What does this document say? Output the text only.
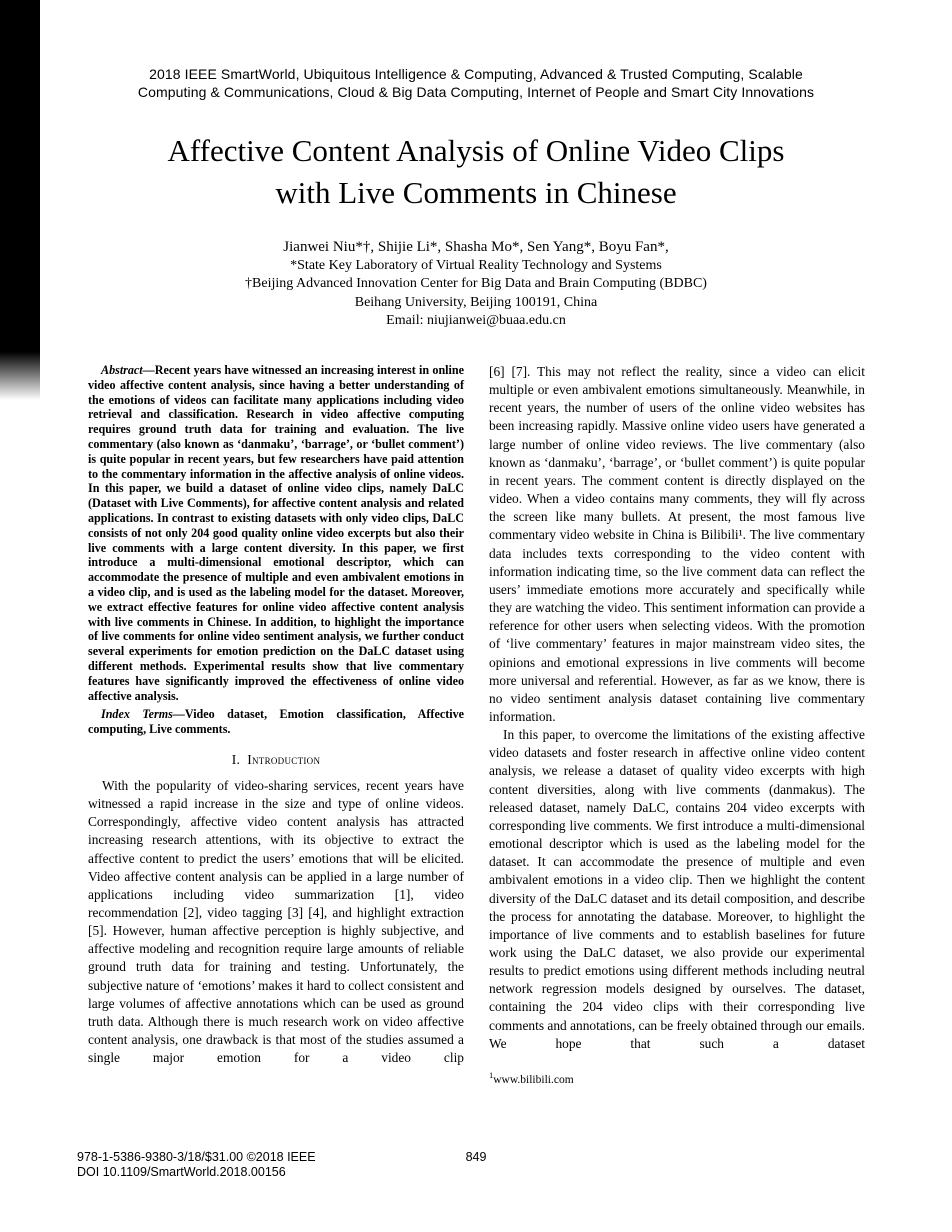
2018 IEEE SmartWorld, Ubiquitous Intelligence & Computing, Advanced & Trusted Computing, Scalable
Computing & Communications, Cloud & Big Data Computing, Internet of People and Smart City Innovations
Affective Content Analysis of Online Video Clips
with Live Comments in Chinese
Jianwei Niu*†, Shijie Li*, Shasha Mo*, Sen Yang*, Boyu Fan*,
*State Key Laboratory of Virtual Reality Technology and Systems
†Beijing Advanced Innovation Center for Big Data and Brain Computing (BDBC)
Beihang University, Beijing 100191, China
Email: niujianwei@buaa.edu.cn

Abstract—Recent years have witnessed an increasing interest in online video affective content analysis, since having a better understanding of the emotions of videos can facilitate many applications including video retrieval and classification. Research in video affective computing requires ground truth data for training and evaluation. The live commentary (also known as ‘danmaku’, ‘barrage’, or ‘bullet comment’) is quite popular in recent years, but few researchers have paid attention to the commentary information in the affective analysis of online videos. In this paper, we build a dataset of online video clips, namely DaLC (Dataset with Live Comments), for affective content analysis and related applications. In contrast to existing datasets with only video clips, DaLC consists of not only 204 good quality online video excerpts but also their live comments with a large content diversity. In this paper, we first introduce a multi-dimensional emotional descriptor, which can accommodate the presence of multiple and even ambivalent emotions in a video clip, and is used as the labeling model for the dataset. Moreover, we extract effective features for online video affective content analysis with live comments in Chinese. In addition, to highlight the importance of live comments for online video sentiment analysis, we further conduct several experiments for emotion prediction on the DaLC dataset using different methods. Experimental results show that live commentary features have significantly improved the effectiveness of online video affective analysis.

Index Terms—Video dataset, Emotion classification, Affective computing, Live comments.

I. Introduction

With the popularity of video-sharing services, recent years have witnessed a rapid increase in the size and type of online videos. Correspondingly, affective video content analysis has attracted increasing research attentions, with its objective to extract the affective content to predict the users’ emotions that will be elicited. Video affective content analysis can be applied in a large number of applications including video summarization [1], video recommendation [2], video tagging [3] [4], and highlight extraction [5]. However, human affective perception is highly subjective, and affective modeling and recognition require large amounts of reliable ground truth data for training and testing. Unfortunately, the subjective nature of ‘emotions’ makes it hard to collect consistent and large volumes of affective annotations which can be used as ground truth data. Although there is much research work on video affective content analysis, one drawback is that most of the studies assumed a single major emotion for a video clip

[6] [7]. This may not reflect the reality, since a video can elicit multiple or even ambivalent emotions simultaneously. Meanwhile, in recent years, the number of users of the online video websites has been increasing rapidly. Massive online video users have generated a large number of online video reviews. The live commentary (also known as ‘danmaku’, ‘barrage’, or ‘bullet comment’) is quite popular in recent years. The comment content is directly displayed on the video. When a video contains many comments, they will fly across the screen like many bullets. At present, the most famous live commentary video website in China is Bilibili¹. The live commentary data includes texts corresponding to the video content with information indicating time, so the live comment data can reflect the users’ immediate emotions more accurately and specifically while they are watching the video. This sentiment information can provide a reference for other users when selecting videos. With the promotion of ‘live commentary’ features in major mainstream video sites, the opinions and emotional expressions in live comments will become more universal and referential. However, as far as we know, there is no video sentiment analysis dataset containing live commentary information.

In this paper, to overcome the limitations of the existing affective video datasets and foster research in affective online video content analysis, we release a dataset of quality video excerpts with high content diversities, along with live comments (danmakus). The released dataset, namely DaLC, contains 204 video excerpts with corresponding live comments. We first introduce a multi-dimensional emotional descriptor which is used as the labeling model for the dataset. It can accommodate the presence of multiple and even ambivalent emotions in a video clip. Then we highlight the content diversity of the DaLC dataset and its detail composition, and describe the process for annotating the database. Moreover, to highlight the importance of live comments and to establish baselines for future work using the DaLC dataset, we also provide our experimental results to predict emotions using different methods including neutral network regression models designed by ourselves. The dataset, containing the 204 video clips with their corresponding live comments and annotations, can be freely obtained through our emails. We hope that such a dataset

$^1$www.bilibili.com
978-1-5386-9380-3/18/$31.00 ©2018 IEEE
DOI 10.1109/SmartWorld.2018.00156
849
